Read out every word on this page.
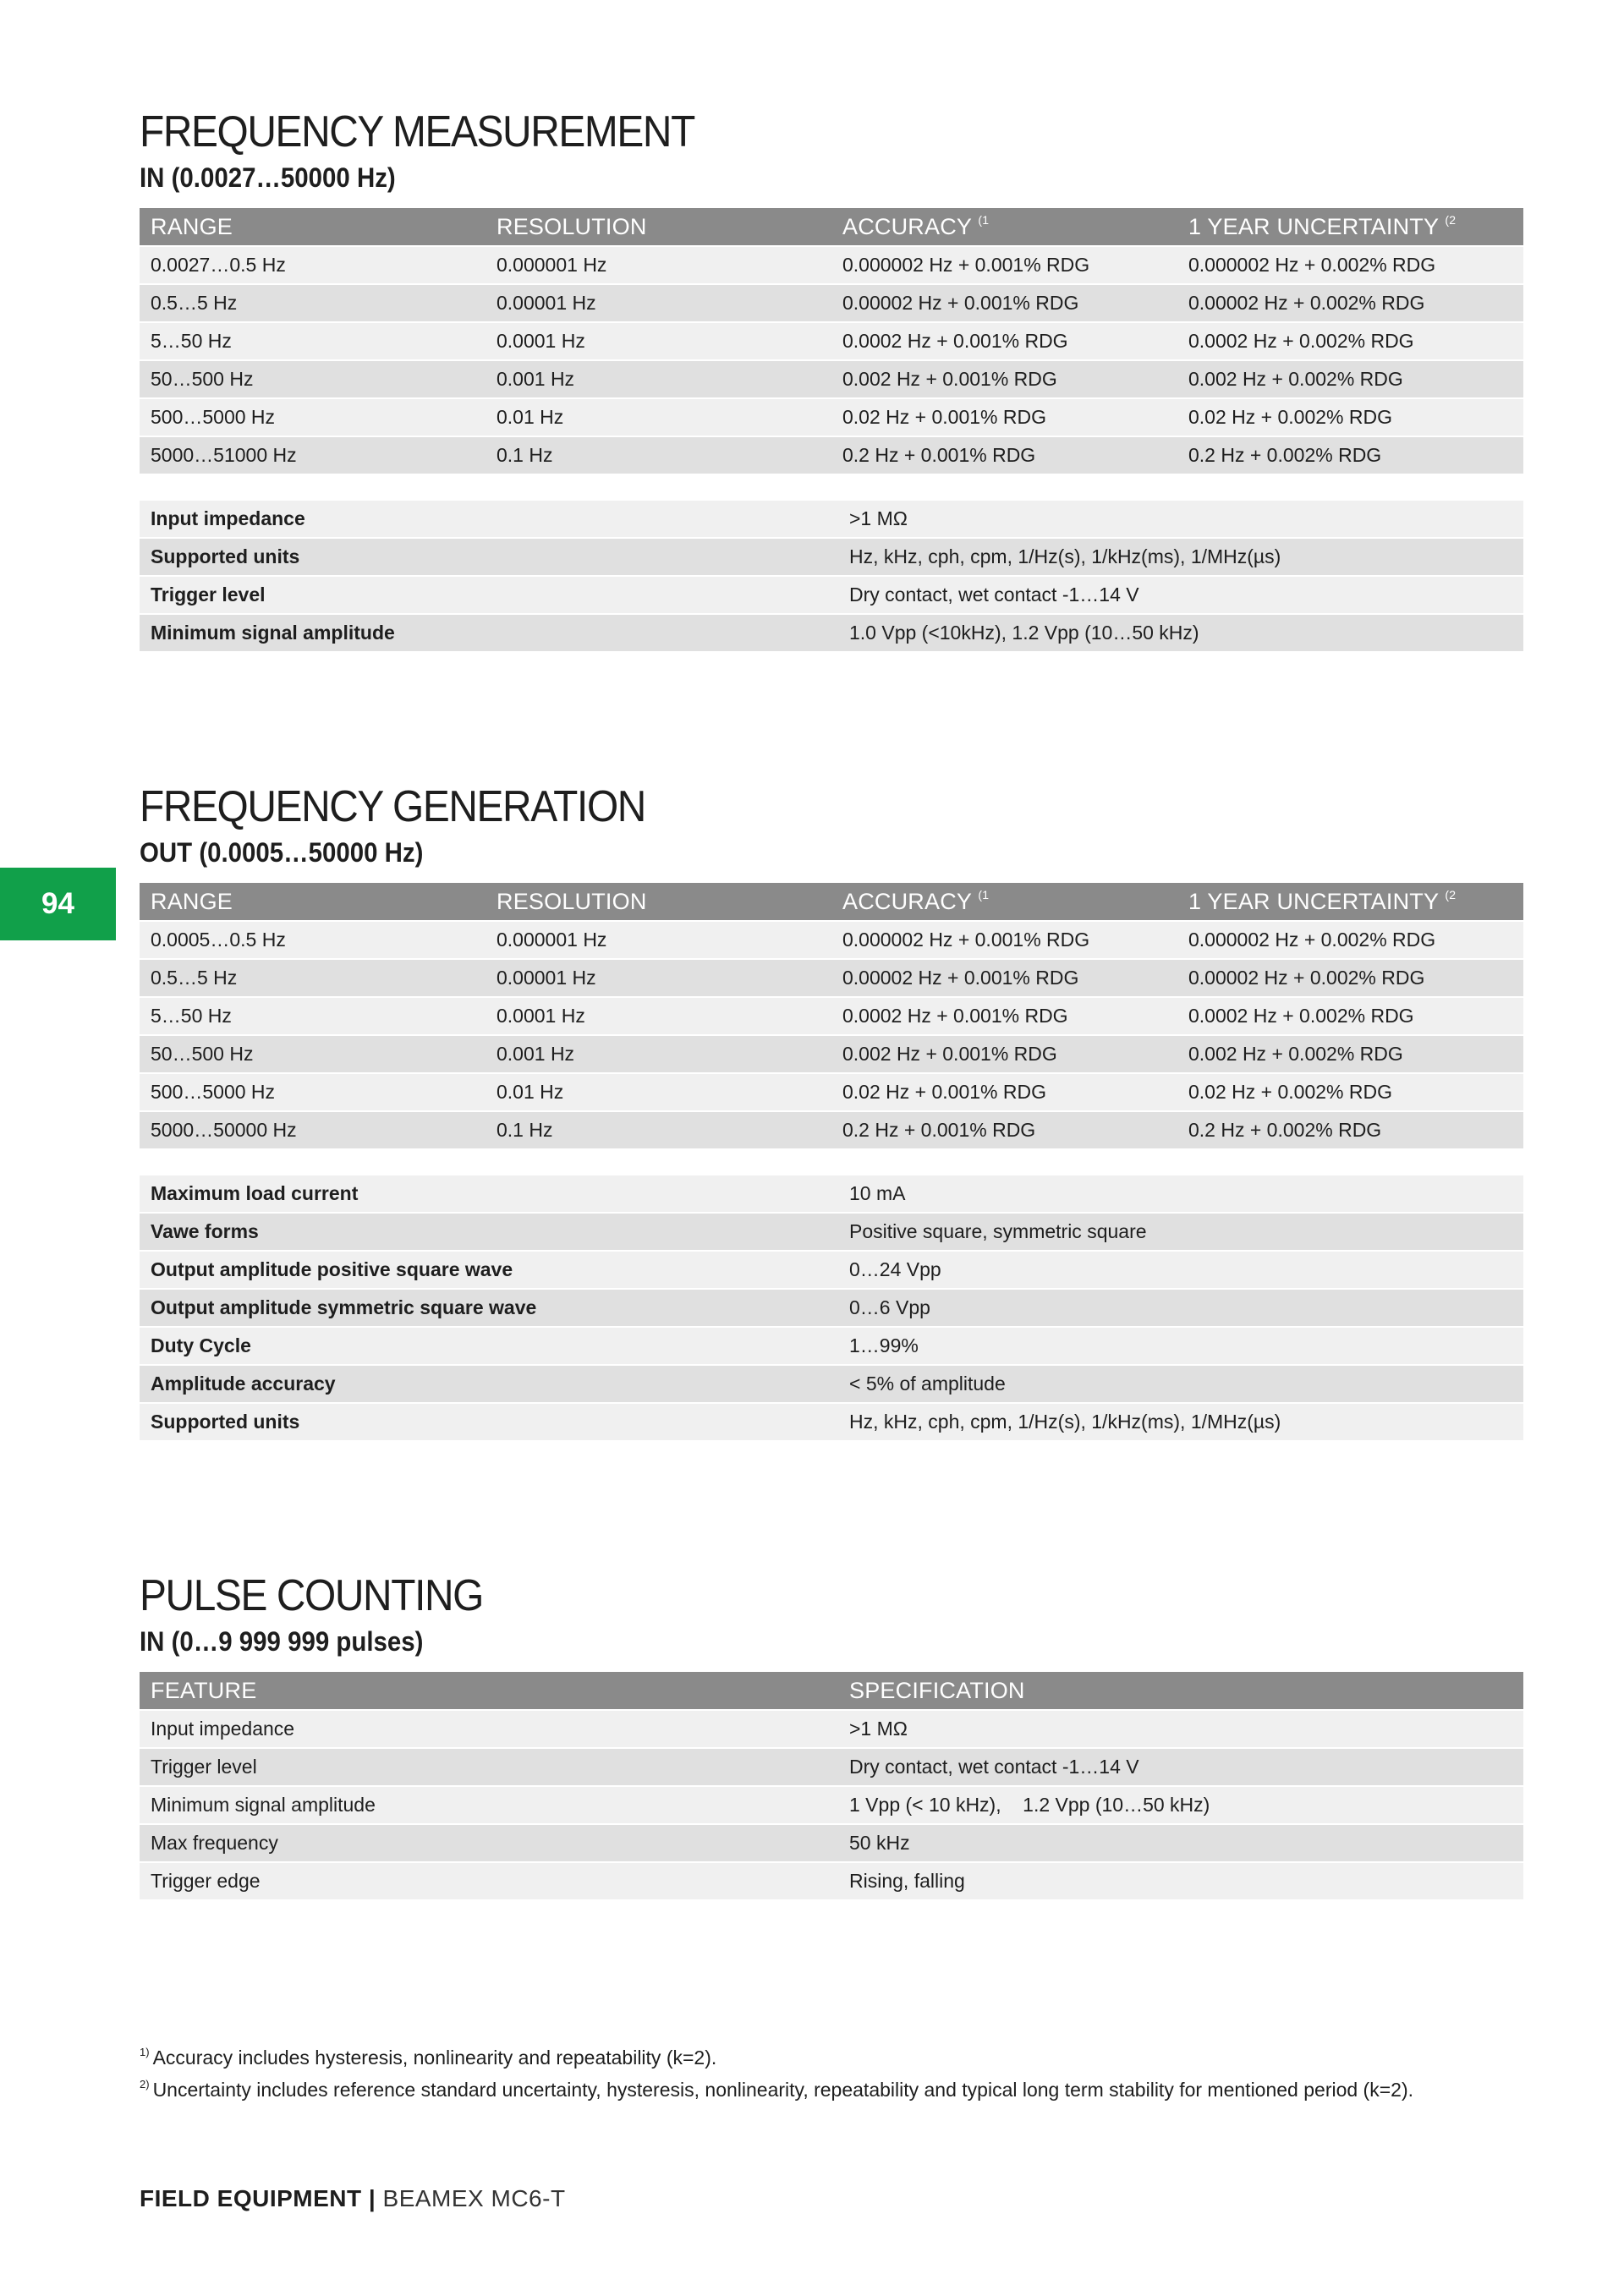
94
FREQUENCY MEASUREMENT
IN (0.0027…50000 Hz)
RANGE	RESOLUTION	ACCURACY $^{(1}$	1 YEAR UNCERTAINTY $^{(2}$
0.0027…0.5 Hz	0.000001 Hz	0.000002 Hz + 0.001% RDG	0.000002 Hz + 0.002% RDG
0.5…5 Hz	0.00001 Hz	0.00002 Hz + 0.001% RDG	0.00002 Hz + 0.002% RDG
5…50 Hz	0.0001 Hz	0.0002 Hz + 0.001% RDG	0.0002 Hz + 0.002% RDG
50…500 Hz	0.001 Hz	0.002 Hz + 0.001% RDG	0.002 Hz + 0.002% RDG
500…5000 Hz	0.01 Hz	0.02 Hz + 0.001% RDG	0.02 Hz + 0.002% RDG
5000…51000 Hz	0.1 Hz	0.2 Hz + 0.001% RDG	0.2 Hz + 0.002% RDG
Input impedance	>1 MΩ
Supported units	Hz, kHz, cph, cpm, 1/Hz(s), 1/kHz(ms), 1/MHz(µs)
Trigger level	Dry contact, wet contact -1…14 V
Minimum signal amplitude	1.0 Vpp (<10kHz), 1.2 Vpp (10…50 kHz)
FREQUENCY GENERATION
OUT (0.0005…50000 Hz)
RANGE	RESOLUTION	ACCURACY $^{(1}$	1 YEAR UNCERTAINTY $^{(2}$
0.0005…0.5 Hz	0.000001 Hz	0.000002 Hz + 0.001% RDG	0.000002 Hz + 0.002% RDG
0.5…5 Hz	0.00001 Hz	0.00002 Hz + 0.001% RDG	0.00002 Hz + 0.002% RDG
5…50 Hz	0.0001 Hz	0.0002 Hz + 0.001% RDG	0.0002 Hz + 0.002% RDG
50…500 Hz	0.001 Hz	0.002 Hz + 0.001% RDG	0.002 Hz + 0.002% RDG
500…5000 Hz	0.01 Hz	0.02 Hz + 0.001% RDG	0.02 Hz + 0.002% RDG
5000…50000 Hz	0.1 Hz	0.2 Hz + 0.001% RDG	0.2 Hz + 0.002% RDG
Maximum load current	10 mA
Vawe forms	Positive square, symmetric square
Output amplitude positive square wave	0…24 Vpp
Output amplitude symmetric square wave	0…6 Vpp
Duty Cycle	1…99%
Amplitude accuracy	< 5% of amplitude
Supported units	Hz, kHz, cph, cpm, 1/Hz(s), 1/kHz(ms), 1/MHz(µs)
PULSE COUNTING
IN (0…9 999 999 pulses)
FEATURE	SPECIFICATION
Input impedance	>1 MΩ
Trigger level	Dry contact, wet contact -1…14 V
Minimum signal amplitude	1 Vpp (< 10 kHz),    1.2 Vpp (10…50 kHz)
Max frequency	50 kHz
Trigger edge	Rising, falling
$^{1)}$ Accuracy includes hysteresis, nonlinearity and repeatability (k=2).
$^{2)}$ Uncertainty includes reference standard uncertainty, hysteresis, nonlinearity, repeatability and typical long term stability for mentioned period (k=2).
FIELD EQUIPMENT | BEAMEX MC6-T
